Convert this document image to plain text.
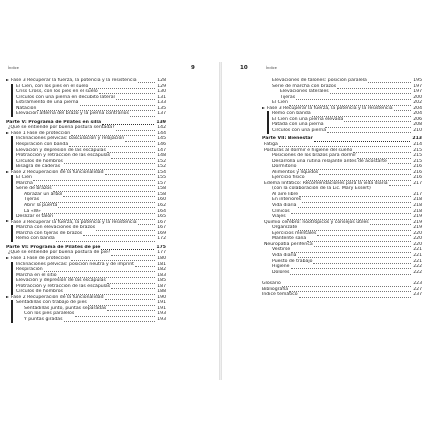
Índice	9
Fase 3 Recuperar la fuerza, la potencia y la resistencia	128
El Cien, con los pies en el suelo	129
Criss Cross, con los pies en el suelo	130
Círculos con una pierna en decúbito lateral	131
Estiramiento de una pierna	133
Natación	135
Elevación alterna del brazo y la pierna contrarios	137
Parte V: Programa de Pilates en silla	139
¿Qué se entiende por buena postura sentada?	142
Fase 1 Fase de protección	144
Inclinaciones pélvicas: basculación y relajación	145
Respiración con banda	146
Elevación y depresión de las escápulas	147
Protracción y retracción de las escápulas	148
Círculos de hombros	152
Bisagra de caderas	152
Fase 2 Recuperación de la funcionalidad	154
El Cien	155
Marcha	157
Serie de brazos	158
Abrazar un árbol	158
Tijeras	160
Abrir la puerta	162
La «W»	164
Deslizar el talón	165
Fase 3 Recuperar la fuerza, la potencia y la resistencia	167
Marcha con elevaciones de brazos	167
Marcha con tijeras de brazos	169
Remo con banda	172
Parte VI: Programa de Pilates de pie	175
¿Qué se entiende por buena postura de pie?	177
Fase 1 Fase de protección	180
Inclinaciones pélvicas: posición neutra y de imprint	181
Respiración	182
Marcha en el sitio	183
Elevación y depresión de las escápulas	185
Protracción y retracción de las escápulas	187
Círculos de hombros	188
Fase 2 Recuperación de la funcionalidad	190
Sentadillas con trabajo de pies	191
Sentadillas junto, puntas separadas	191
Con los pies paralelos	193
Y puntas giradas	193
10	Índice
Elevaciones de talones: posición paralela	195
Serie de marcha con brazos	197
Elevaciones laterales	197
Tijeras	200
El Cien	202
Fase 3 Recuperar la fuerza, la potencia y la resistencia	204
Remo con banda	204
El Cien con una pierna elevada	206
Patada con una pierna	208
Círculos con una pierna	210
Parte VII: Bienestar	213
Fatiga	214
Posturas al dormir e higiene del sueño	215
Posiciones de los brazos para dormir	215
Desarrolla una rutina relajante antes de acostarte	215
Dormitorio	216
Alimentos y líquidos	216
Ejercicio físico	216
Edema linfático: Recomendaciones para la vida diaria	217
(con la colaboración de la Lic. Mary Essert)
Al aire libre	217
En interiores	218
Vida diaria	218
Clínicos	218
Viajes	219
Quimio cerebro: nootrópicos y consejos útiles	219
Organízate	219
Ejercicios mentales	220
Mantente sana	220
Neuropatía periférica	220
Vestirse	221
Vida diaria	221
Puesto de trabajo	221
Higiene	222
Dolores	222
Glosario	223
Bibliografía	227
Índice temático	237
